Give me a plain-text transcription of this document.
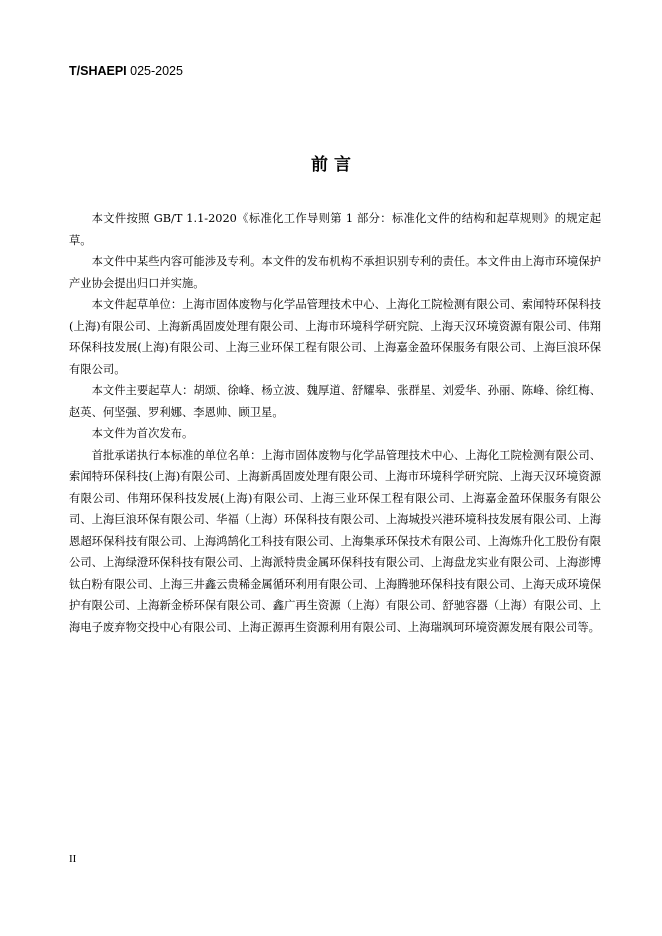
T/SHAEPI 025-2025
前 言

本文件按照 GB/T 1.1-2020《标准化工作导则第 1 部分：标准化文件的结构和起草规则》的规定起草。

本文件中某些内容可能涉及专利。本文件的发布机构不承担识别专利的责任。本文件由上海市环境保护产业协会提出归口并实施。

本文件起草单位：上海市固体废物与化学品管理技术中心、上海化工院检测有限公司、索闻特环保科技(上海)有限公司、上海新禹固废处理有限公司、上海市环境科学研究院、上海天汉环境资源有限公司、伟翔环保科技发展(上海)有限公司、上海三业环保工程有限公司、上海嘉金盈环保服务有限公司、上海巨浪环保有限公司。

本文件主要起草人：胡颂、徐峰、杨立波、魏厚道、舒耀皋、张群星、刘爱华、孙丽、陈峰、徐红梅、赵英、何坚强、罗利娜、李恩帅、顾卫星。

本文件为首次发布。

首批承诺执行本标准的单位名单：上海市固体废物与化学品管理技术中心、上海化工院检测有限公司、索闻特环保科技(上海)有限公司、上海新禹固废处理有限公司、上海市环境科学研究院、上海天汉环境资源有限公司、伟翔环保科技发展(上海)有限公司、上海三业环保工程有限公司、上海嘉金盈环保服务有限公司、上海巨浪环保有限公司、华福（上海）环保科技有限公司、上海城投兴港环境科技发展有限公司、上海恩超环保科技有限公司、上海鸿鹄化工科技有限公司、上海集承环保技术有限公司、上海炼升化工股份有限公司、上海绿澄环保科技有限公司、上海派特贵金属环保科技有限公司、上海盘龙实业有限公司、上海澎博钛白粉有限公司、上海三井鑫云贵稀金属循环利用有限公司、上海腾驰环保科技有限公司、上海天成环境保护有限公司、上海新金桥环保有限公司、鑫广再生资源（上海）有限公司、舒驰容器（上海）有限公司、上海电子废弃物交投中心有限公司、上海正源再生资源利用有限公司、上海瑞飒珂环境资源发展有限公司等。

II
